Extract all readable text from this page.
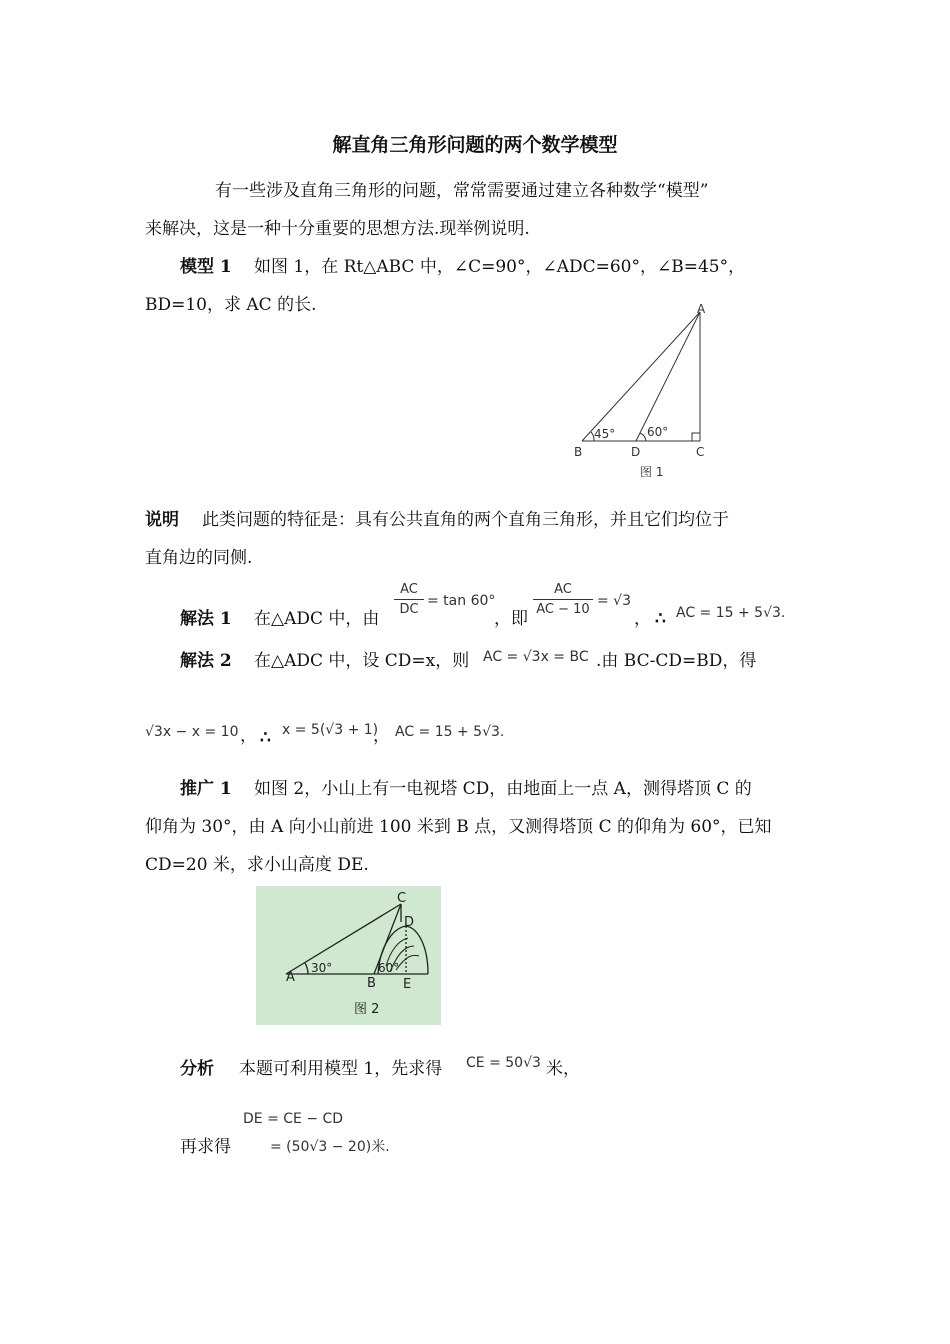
解直角三角形问题的两个数学模型
有一些涉及直角三角形的问题，常常需要通过建立各种数学“模型”
来解决，这是一种十分重要的思想方法.现举例说明.
模型 1 如图 1，在 Rt△ABC 中，∠C=90°，∠ADC=60°，∠B=45°，
BD=10，求 AC 的长.	A
B	D	C
45°	60°
图 1
说明 此类问题的特征是：具有公共直角的两个直角三角形，并且它们均位于
直角边的同侧.
解法 1 在△ADC 中，由
AC
DC
= tan 60°
，即
AC
AC − 10
= √3
， ∴ AC = 15 + 5√3.
解法 2 在△ADC 中，设 CD=x，则 AC = √3x = BC .由 BC-CD=BD，得
√3x − x = 10 ， ∴ x = 5(√3 + 1)
， AC = 15 + 5√3.
推广 1 如图 2，小山上有一电视塔 CD，由地面上一点 A，测得塔顶 C 的
仰角为 30°，由 A 向小山前进 100 米到 B 点，又测得塔顶 C 的仰角为 60°，已知
CD=20 米，求小山高度 DE.
C
D
A	B E
30°	60°
图 2
分析 本题可利用模型 1，先求得 CE = 50√3 米，
DE = CE − CD
再求得	= (50√3 − 20)米.
